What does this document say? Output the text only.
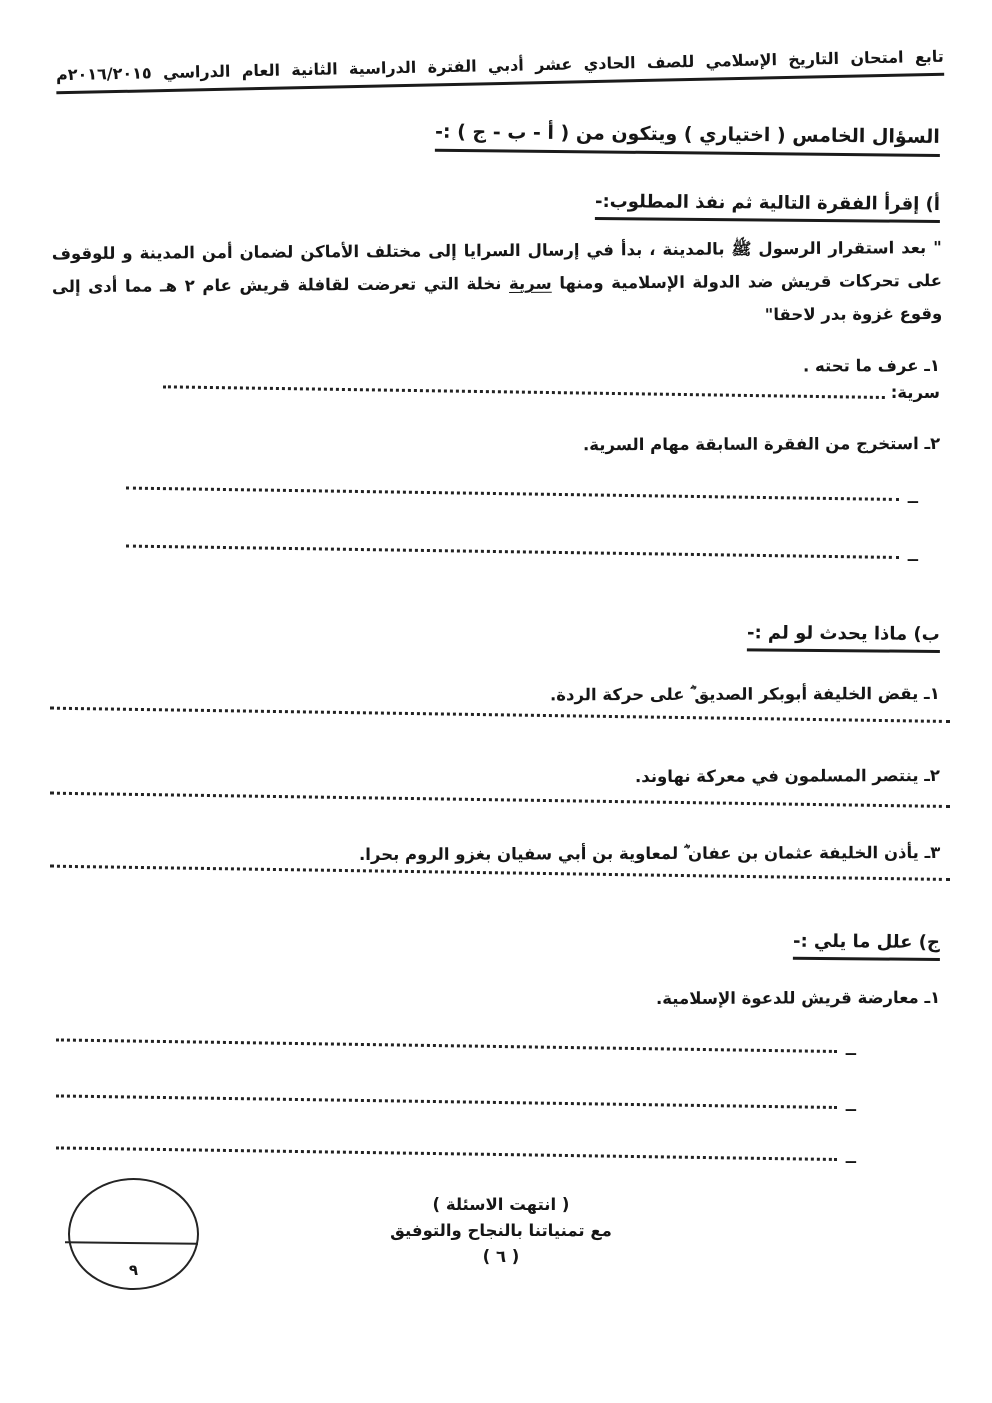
تابع امتحان التاريخ الإسلامي للصف الحادي عشر أدبي الفترة الدراسية الثانية العام الدراسي ٢٠١٦/٢٠١٥م
السؤال الخامس ( اختياري ) ويتكون من ( أ - ب - ج ) :-
أ) إقرأ الفقرة التالية ثم نفذ المطلوب:-
" بعد استقرار الرسول ﷺ بالمدينة ، بدأ في إرسال السرايا إلى مختلف الأماكن لضمان أمن المدينة و للوقوف على تحركات قريش ضد الدولة الإسلامية ومنها سرية نخلة التي تعرضت لقافلة قريش عام ٢ هـ مما أدى إلى وقوع غزوة بدر لاحقا"
١ـ عرف ما تحته .
سرية:
٢ـ استخرج من الفقرة السابقة مهام السرية.
ــ
ــ
ب) ماذا يحدث لو لم :-
١ـ يقض الخليفة أبوبكر الصديق ؓ على حركة الردة.
٢ـ ينتصر المسلمون في معركة نهاوند.
٣ـ يأذن الخليفة عثمان بن عفان ؓ لمعاوية بن أبي سفيان بغزو الروم بحرا.
ج) علل ما يلي :-
١ـ معارضة قريش للدعوة الإسلامية.
ــ
ــ
ــ
( انتهت الاسئلة )
مع تمنياتنا بالنجاح والتوفيق
( ٦ )
٩
